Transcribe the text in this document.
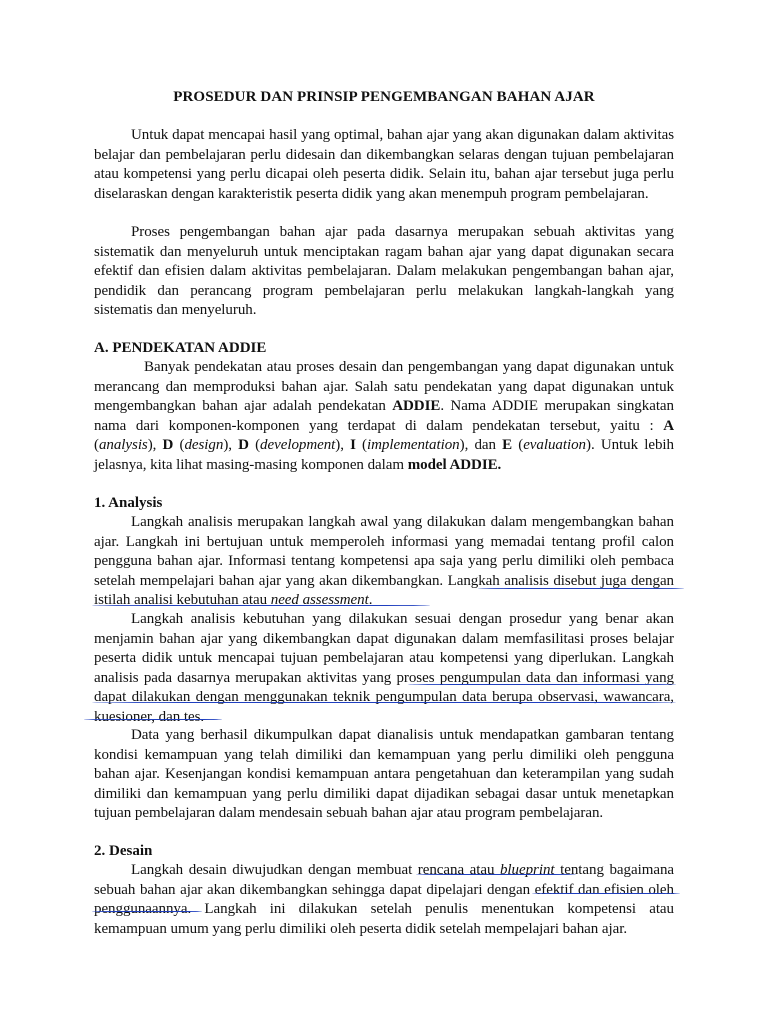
PROSEDUR DAN PRINSIP PENGEMBANGAN BAHAN AJAR

Untuk dapat mencapai hasil yang optimal, bahan ajar yang akan digunakan dalam aktivitas belajar dan pembelajaran perlu didesain dan dikembangkan selaras dengan tujuan pembelajaran atau kompetensi yang perlu dicapai oleh peserta didik. Selain itu, bahan ajar tersebut juga perlu diselaraskan dengan karakteristik peserta didik yang akan menempuh program pembelajaran.

Proses pengembangan bahan ajar pada dasarnya merupakan sebuah aktivitas yang sistematik dan menyeluruh untuk menciptakan ragam bahan ajar yang dapat digunakan secara efektif dan efisien dalam aktivitas pembelajaran. Dalam melakukan pengembangan bahan ajar, pendidik dan perancang program pembelajaran perlu melakukan langkah-langkah yang sistematis dan menyeluruh.

A. PENDEKATAN ADDIE

Banyak pendekatan atau proses desain dan pengembangan yang dapat digunakan untuk merancang dan memproduksi bahan ajar. Salah satu pendekatan yang dapat digunakan untuk mengembangkan bahan ajar adalah pendekatan ADDIE. Nama ADDIE merupakan singkatan nama dari komponen-komponen yang terdapat di dalam pendekatan tersebut, yaitu : A (analysis), D (design), D (development), I (implementation), dan E (evaluation). Untuk lebih jelasnya, kita lihat masing-masing komponen dalam model ADDIE.

1. Analysis

Langkah analisis merupakan langkah awal yang dilakukan dalam mengembangkan bahan ajar. Langkah ini bertujuan untuk memperoleh informasi yang memadai tentang profil calon pengguna bahan ajar. Informasi tentang kompetensi apa saja yang perlu dimiliki oleh pembaca setelah mempelajari bahan ajar yang akan dikembangkan. Langkah analisis disebut juga dengan istilah analisi kebutuhan atau need assessment.

Langkah analisis kebutuhan yang dilakukan sesuai dengan prosedur yang benar akan menjamin bahan ajar yang dikembangkan dapat digunakan dalam memfasilitasi proses belajar peserta didik untuk mencapai tujuan pembelajaran atau kompetensi yang diperlukan. Langkah analisis pada dasarnya merupakan aktivitas yang proses pengumpulan data dan informasi yang dapat dilakukan dengan menggunakan teknik pengumpulan data berupa observasi, wawancara, kuesioner, dan tes.

Data yang berhasil dikumpulkan dapat dianalisis untuk mendapatkan gambaran tentang kondisi kemampuan yang telah dimiliki dan kemampuan yang perlu dimiliki oleh pengguna bahan ajar. Kesenjangan kondisi kemampuan antara pengetahuan dan keterampilan yang sudah dimiliki dan kemampuan yang perlu dimiliki dapat dijadikan sebagai dasar untuk menetapkan tujuan pembelajaran dalam mendesain sebuah bahan ajar atau program pembelajaran.

2. Desain

Langkah desain diwujudkan dengan membuat rencana atau blueprint tentang bagaimana sebuah bahan ajar akan dikembangkan sehingga dapat dipelajari dengan efektif dan efisien oleh penggunaannya. Langkah ini dilakukan setelah penulis menentukan kompetensi atau kemampuan umum yang perlu dimiliki oleh peserta didik setelah mempelajari bahan ajar.
